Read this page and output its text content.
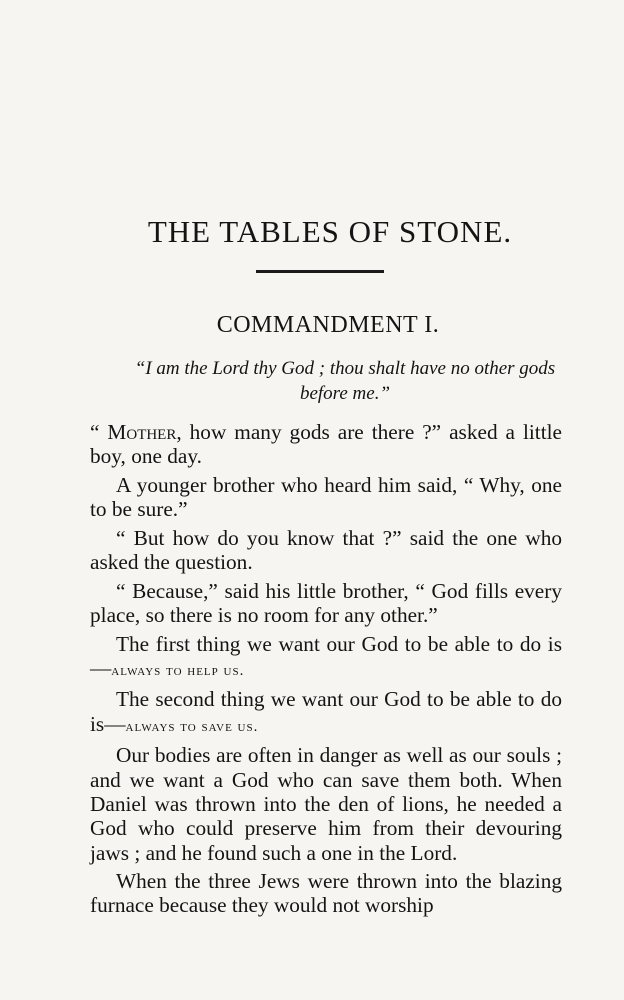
THE TABLES OF STONE.
COMMANDMENT I.
“I am the Lord thy God ; thou shalt have no other gods before me.”

“ Mother, how many gods are there ?” asked a little boy, one day.

A younger brother who heard him said, “ Why, one to be sure.”

“ But how do you know that ?” said the one who asked the question.

“ Because,” said his little brother, “ God fills every place, so there is no room for any other.”

The first thing we want our God to be able to do is—always to help us.

The second thing we want our God to be able to do is—always to save us.

Our bodies are often in danger as well as our souls ; and we want a God who can save them both. When Daniel was thrown into the den of lions, he needed a God who could preserve him from their devouring jaws ; and he found such a one in the Lord.

When the three Jews were thrown into the blazing furnace because they would not worship
